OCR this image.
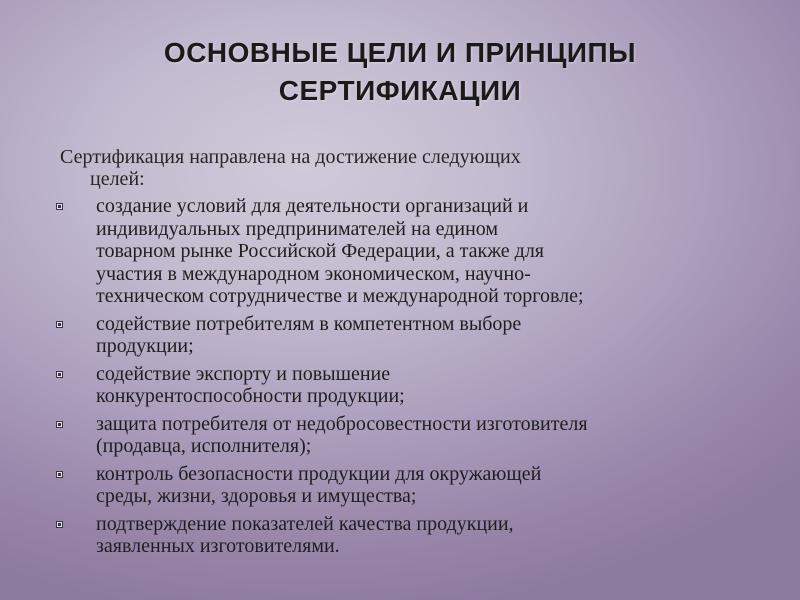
ОСНОВНЫЕ ЦЕЛИ И ПРИНЦИПЫ
СЕРТИФИКАЦИИ

Сертификация направлена на достижение следующих
целей:

создание условий для деятельности организаций и
индивидуальных предпринимателей на едином
товарном рынке Российской Федерации, а также для
участия в международном экономическом, научно-
техническом сотрудничестве и международной торговле;
содействие потребителям в компетентном выборе
продукции;
содействие экспорту и повышение
конкурентоспособности продукции;
защита потребителя от недобросовестности изготовителя
(продавца, исполнителя);
контроль безопасности продукции для окружающей
среды, жизни, здоровья и имущества;
подтверждение показателей качества продукции,
заявленных изготовителями.
